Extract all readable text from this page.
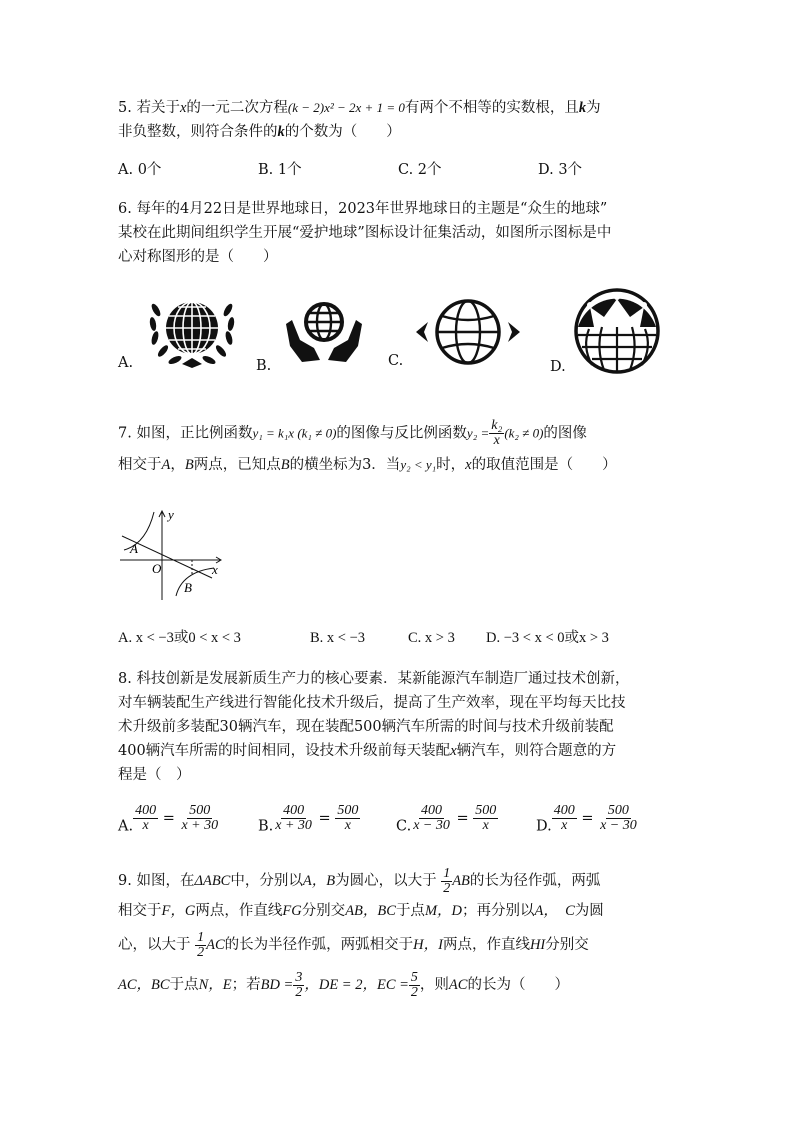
5. 若关于x的一元二次方程(k − 2)x² − 2x + 1 = 0有两个不相等的实数根，且k为
非负整数，则符合条件的k的个数为（　　）
A. 0个	B. 1个	C. 2个	D. 3个
6. 每年的4月22日是世界地球日，2023年世界地球日的主题是“众生的地球”
某校在此期间组织学生开展“爱护地球”图标设计征集活动，如图所示图标是中
心对称图形的是（　　）
A.	B.	C.	D.
7. 如图，正比例函数y₁ = k₁x (k₁ ≠ 0)的图像与反比例函数$y_2 = \frac{\text{k₂}}{x} (k_2 \ne 0)$的图像
相交于A，B两点，已知点B的横坐标为3．当y₂ < y₁时，x的取值范围是（　　）
y
x
O
A
B
A. x < −3或0 < x < 3	B. x < −3	C. x > 3 D. −3 < x < 0或x > 3
8. 科技创新是发展新质生产力的核心要素．某新能源汽车制造厂通过技术创新，
对车辆装配生产线进行智能化技术升级后，提高了生产效率，现在平均每天比技
术升级前多装配30辆汽车，现在装配500辆汽车所需的时间与技术升级前装配
400辆汽车所需的时间相同，设技术升级前每天装配x辆汽车，则符合题意的方
程是（　）
A. $\frac{400}{x} = \frac{500}{x + 30}$	B. $\frac{400}{x + 30} = \frac{500}{x} C$. $\frac{400}{x - 30} = \frac{500}{x}$	D. $\frac{400}{x} = \frac{500}{x - 30}$
9. 如图，在ΔABC中，分别以A，B为圆心，以大于 $\frac{1}{2}$ AB的长为径作弧，两弧
相交于F，G两点，作直线FG分别交AB，BC于点M，D；再分别以A，　C为圆
心，以大于 $\frac{1}{2}$ AC的长为半径作弧，两弧相交于H，I两点，作直线HI分别交
AC，BC于点N，E；若BD = $\frac{3}{2}$ ，DE = 2，EC = $\frac{5}{2}$ ，则AC的长为（　　）
